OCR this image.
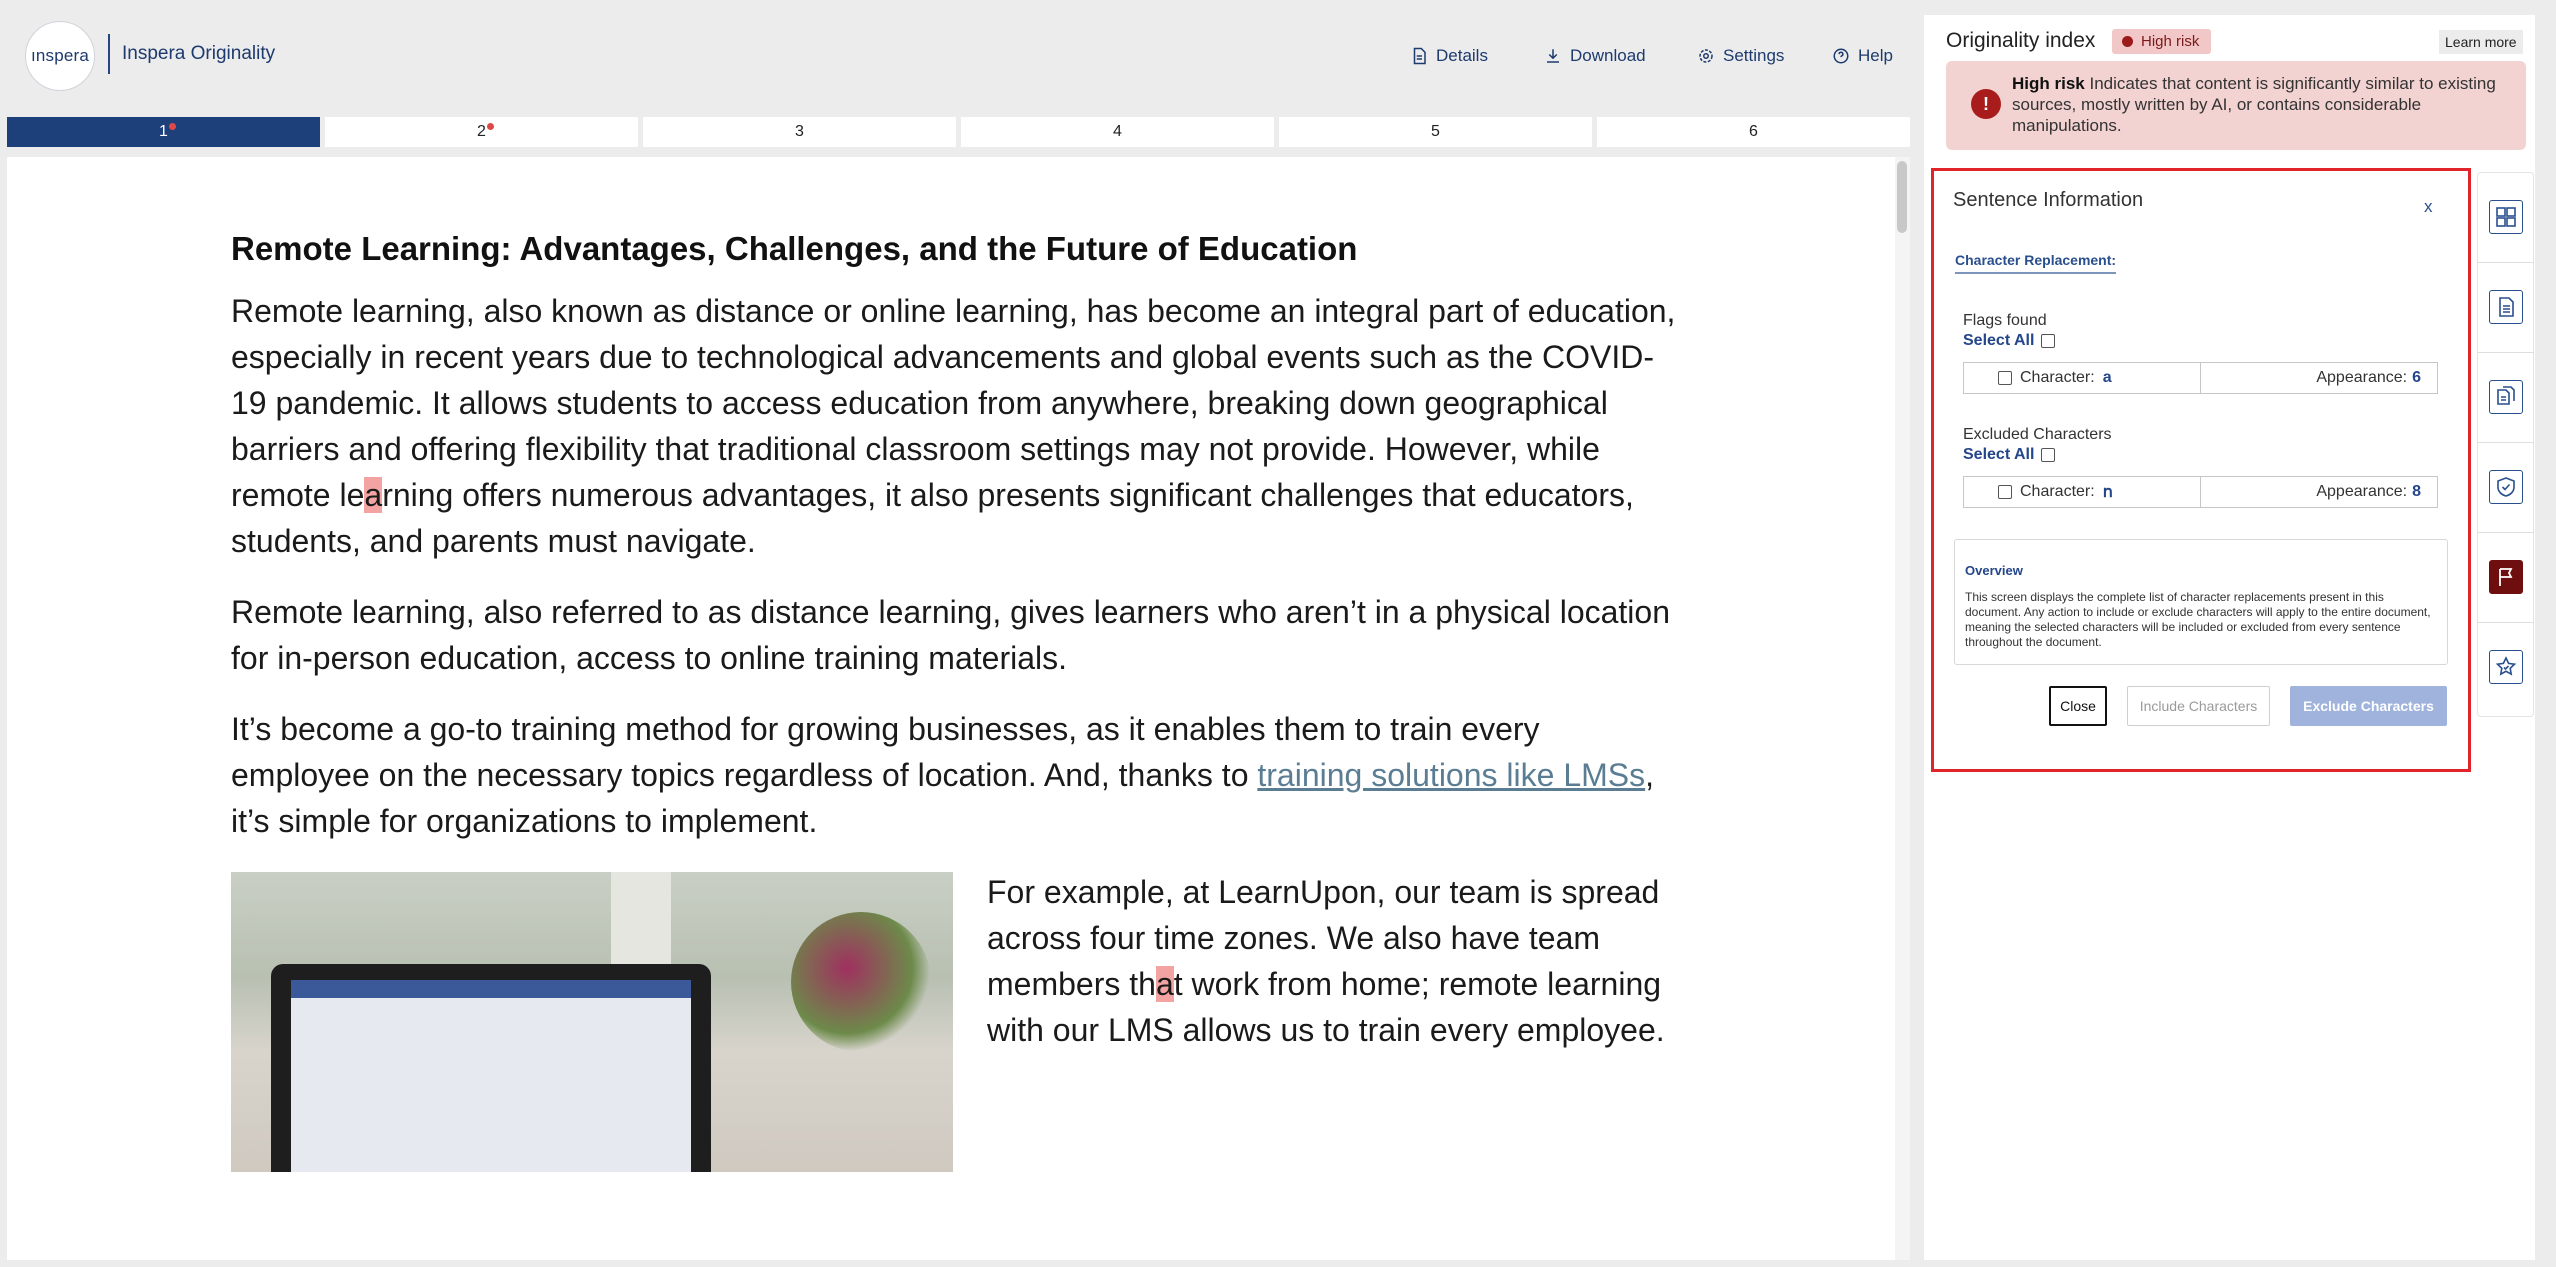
ınspera Inspera Originality	Details	Download	Settings	Help
1	2	3	4	5	6
Remote Learning: Advantages, Challenges, and the Future of Education

Remote learning, also known as distance or online learning, has become an integral part of education, especially in recent years due to technological advancements and global events such as the COVID-19 pandemic. It allows students to access education from anywhere, breaking down geographical barriers and offering flexibility that traditional classroom settings may not provide. However, while remote learning offers numerous advantages, it also presents significant challenges that educators, students, and parents must navigate.

Remote learning, also referred to as distance learning, gives learners who aren’t in a physical location for in-person education, access to online training materials.

It’s become a go-to training method for growing businesses, as it enables them to train every employee on the necessary topics regardless of location. And, thanks to training solutions like LMSs, it’s simple for organizations to implement.

For example, at LearnUpon, our team is spread across four time zones. We also have team members that work from home; remote learning with our LMS allows us to train every employee.
Originality index	High risk	Learn more
!
High risk Indicates that content is significantly similar to existing sources, mostly written by AI, or contains considerable manipulations.
Sentence Information	x
Character Replacement:
Flags found
Select All
Character: a	Appearance: 6
Excluded Characters
Select All
Character: ո	Appearance: 8
Overview
This screen displays the complete list of character replacements present in this document. Any action to include or exclude characters will apply to the entire document, meaning the selected characters will be included or excluded from every sentence throughout the document.
Close	Include Characters	Exclude Characters
